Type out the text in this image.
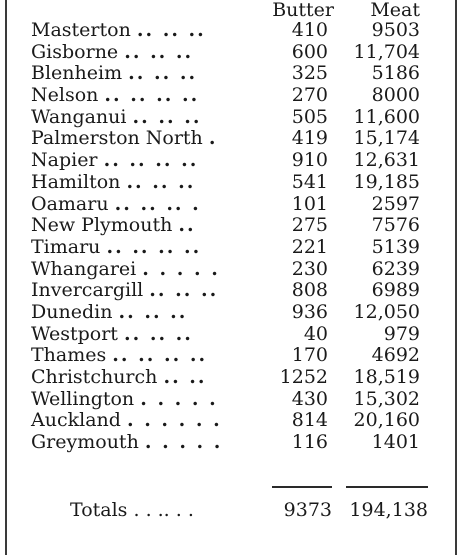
Butter	Meat
Masterton .. .. ..	410	9503
Gisborne .. .. ..	600	11,704
Blenheim .. .. ..	325	5186
Nelson .. .. .. ..	270	8000
Wanganui .. .. ..	505	11,600
Palmerston North .	419	15,174
Napier .. .. .. ..	910	12,631
Hamilton .. .. ..	541	19,185
Oamaru .. .. .. .	101	2597
New Plymouth ..	275	7576
Timaru .. .. .. ..	221	5139
Whangarei . . . . .	230	6239
Invercargill .. .. ..	808	6989
Dunedin .. .. ..	936	12,050
Westport .. .. ..	40	979
Thames .. .. .. ..	170	4692
Christchurch .. ..	1252	18,519
Wellington . . . . .	430	15,302
Auckland . . . . . .	814	20,160
Greymouth . . . . .	116	1401
Totals . . .. . .	9373 194,138
